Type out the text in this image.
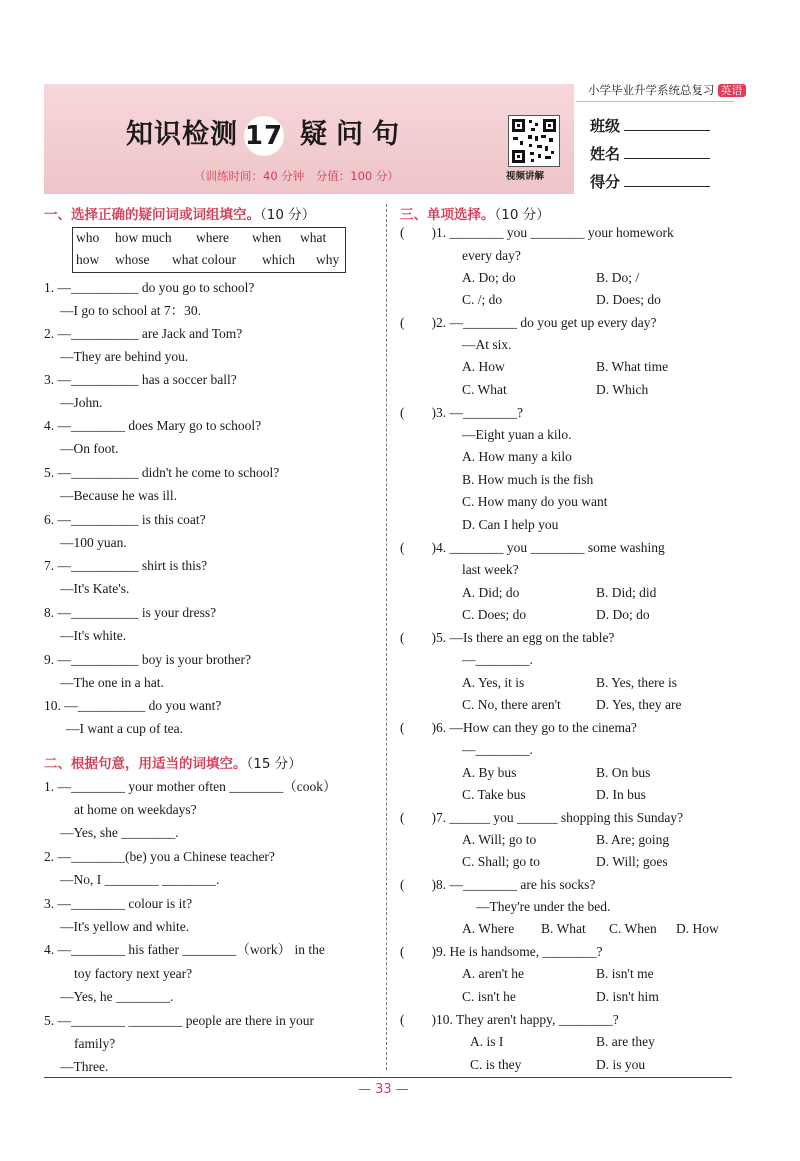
小学毕业升学系统总复习 英语
知识检测 17 疑问句
（训练时间：40 分钟　分值：100 分）	视频讲解
班级
姓名
得分
一、选择正确的疑问词或词组填空。（10 分）
who how much where when what
how whose what colour which why
1. —__________ do you go to school?
—I go to school at 7：30.
2. —__________ are Jack and Tom?
—They are behind you.
3. —__________ has a soccer ball?
—John.
4. —________ does Mary go to school?
—On foot.
5. —__________ didn't he come to school?
—Because he was ill.
6. —__________ is this coat?
—100 yuan.
7. —__________ shirt is this?
—It's Kate's.
8. —__________ is your dress?
—It's white.
9. —__________ boy is your brother?
—The one in a hat.
10. —__________ do you want?
—I want a cup of tea.
二、根据句意，用适当的词填空。（15 分）
1. —________ your mother often ________（cook）
at home on weekdays?
—Yes, she ________.
2. —________(be) you a Chinese teacher?
—No, I ________ ________.
3. —________ colour is it?
—It's yellow and white.
4. —________ his father ________（work） in the
toy factory next year?
—Yes, he ________.
5. —________ ________ people are there in your
family?
—Three.
三、单项选择。（10 分）
(　　)1. ________ you ________ your homework
every day?
A. Do; do	B. Do; /
C. /; do	D. Does; do
(　　)2. —________ do you get up every day?
—At six.
A. How	B. What time
C. What	D. Which
(　　)3. —________?
—Eight yuan a kilo.
A. How many a kilo
B. How much is the fish
C. How many do you want
D. Can I help you
(　　)4. ________ you ________ some washing
last week?
A. Did; do	B. Did; did
C. Does; do	D. Do; do
(　　)5. —Is there an egg on the table?
—________.
A. Yes, it is	B. Yes, there is
C. No, there aren't	D. Yes, they are
(　　)6. —How can they go to the cinema?
—________.
A. By bus	B. On bus
C. Take bus	D. In bus
(　　)7. ______ you ______ shopping this Sunday?
A. Will; go to	B. Are; going
C. Shall; go to	D. Will; goes
(　　)8. —________ are his socks?
—They're under the bed.
A. Where B. What C. When D. How
(　　)9. He is handsome, ________?
A. aren't he	B. isn't me
C. isn't he	D. isn't him
(　　)10. They aren't happy, ________?
A. is I	B. are they
C. is they	D. is you
— 33 —
